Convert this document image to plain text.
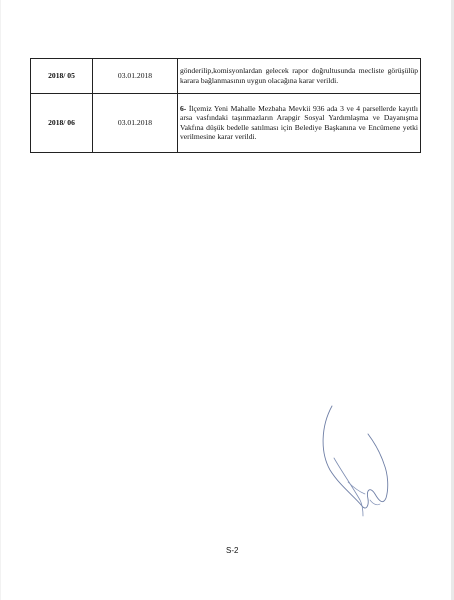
2018/ 05	03.01.2018	gönderilip,komisyonlardan gelecek rapor doğrultusunda mecliste görüşülüp karara bağlanmasının uygun olacağına karar verildi.
2018/ 06	03.01.2018	6- İlçemiz Yeni Mahalle Mezbaha Mevkii 936 ada 3 ve 4 parsellerde kayıtlı arsa vasfındaki taşınmazların Arapgir Sosyal Yardımlaşma ve Dayanışma Vakfına düşük bedelle satılması için Belediye Başkanına ve Encümene yetki verilmesine karar verildi.
S-2
